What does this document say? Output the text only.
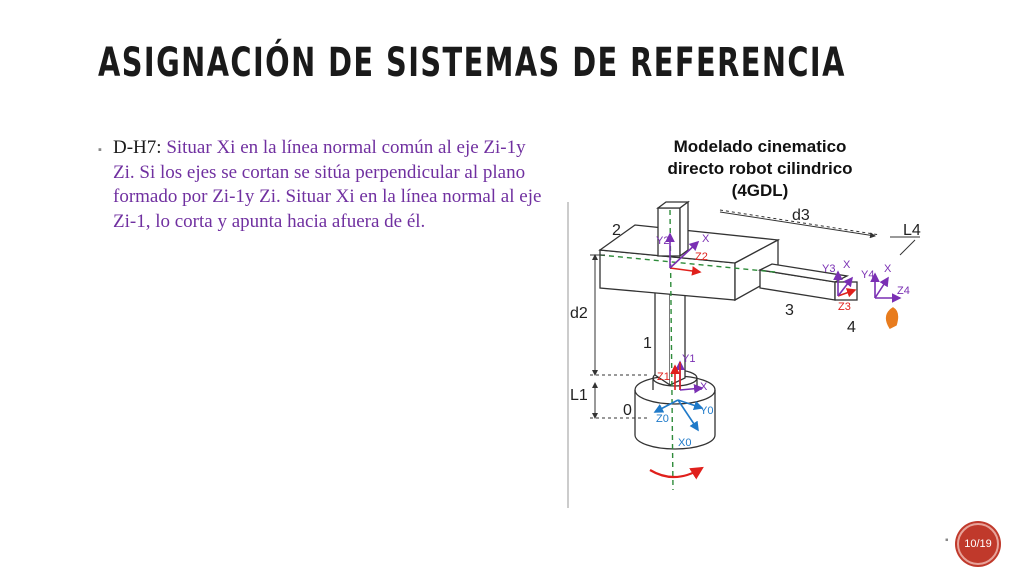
ASIGNACIÓN DE SISTEMAS DE REFERENCIA
▪ D-H7: Situar Xi en la línea normal común al eje Zi-1y Zi. Si los ejes se cortan se sitúa perpendicular al plano formado por Zi-1y Zi. Situar Xi en la línea normal al eje Zi-1, lo corta y apunta hacia afuera de él.
Modelado cinematico
directo robot cilindrico
(4GDL)
2
1
0
3
4
d3
L4
d2
L1
Y2	X
Z2
Y3 X
Z3
Y4 X
Z4
Y1
Z1
X
Z0
Y0
X0
▪	10/19
